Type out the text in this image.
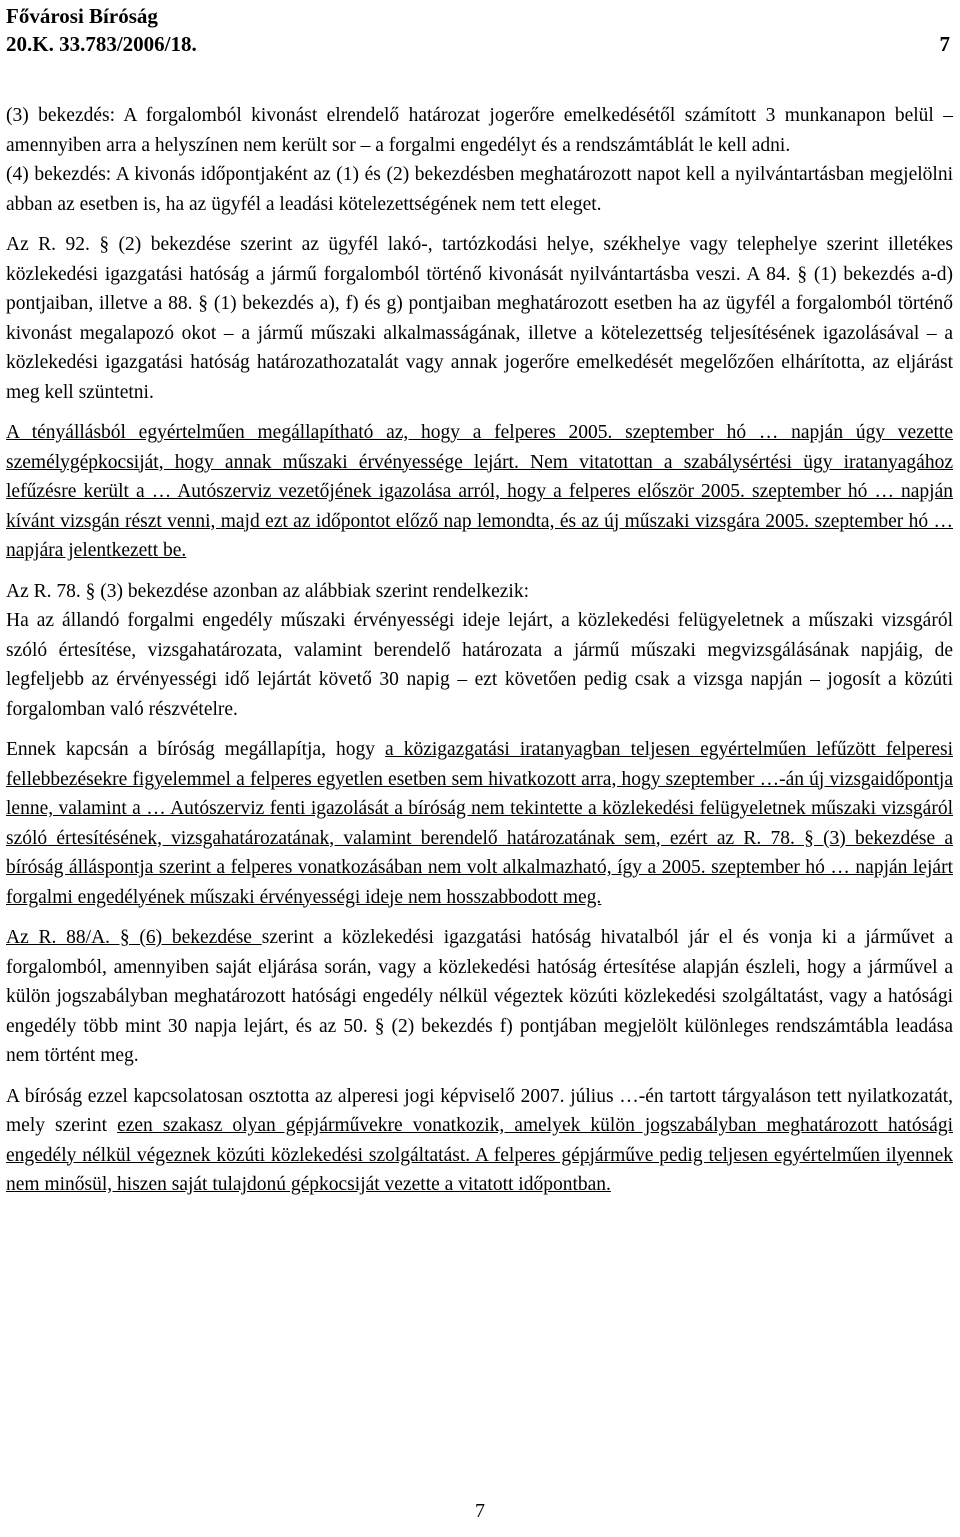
Fővárosi Bíróság
20.K. 33.783/2006/18.	7

(3) bekezdés: A forgalomból kivonást elrendelő határozat jogerőre emelkedésétől számított 3 munkanapon belül – amennyiben arra a helyszínen nem került sor – a forgalmi engedélyt és a rendszámtáblát le kell adni.

(4) bekezdés: A kivonás időpontjaként az (1) és (2) bekezdésben meghatározott napot kell a nyilvántartásban megjelölni abban az esetben is, ha az ügyfél a leadási kötelezettségének nem tett eleget.

Az R. 92. § (2) bekezdése szerint az ügyfél lakó-, tartózkodási helye, székhelye vagy telephelye szerint illetékes közlekedési igazgatási hatóság a jármű forgalomból történő kivonását nyilvántartásba veszi. A 84. § (1) bekezdés a-d) pontjaiban, illetve a 88. § (1) bekezdés a), f) és g) pontjaiban meghatározott esetben ha az ügyfél a forgalomból történő kivonást megalapozó okot – a jármű műszaki alkalmasságának, illetve a kötelezettség teljesítésének igazolásával – a közlekedési igazgatási hatóság határozathozatalát vagy annak jogerőre emelkedését megelőzően elhárította, az eljárást meg kell szüntetni.

A tényállásból egyértelműen megállapítható az, hogy a felperes 2005. szeptember hó … napján úgy vezette személygépkocsiját, hogy annak műszaki érvényessége lejárt. Nem vitatottan a szabálysértési ügy iratanyagához lefűzésre került a … Autószerviz vezetőjének igazolása arról, hogy a felperes először 2005. szeptember hó … napján kívánt vizsgán részt venni, majd ezt az időpontot előző nap lemondta, és az új műszaki vizsgára 2005. szeptember hó … napjára jelentkezett be.

Az R. 78. § (3) bekezdése azonban az alábbiak szerint rendelkezik:

Ha az állandó forgalmi engedély műszaki érvényességi ideje lejárt, a közlekedési felügyeletnek a műszaki vizsgáról szóló értesítése, vizsgahatározata, valamint berendelő határozata a jármű műszaki megvizsgálásának napjáig, de legfeljebb az érvényességi idő lejártát követő 30 napig – ezt követően pedig csak a vizsga napján – jogosít a közúti forgalomban való részvételre.

Ennek kapcsán a bíróság megállapítja, hogy a közigazgatási iratanyagban teljesen egyértelműen lefűzött felperesi fellebbezésekre figyelemmel a felperes egyetlen esetben sem hivatkozott arra, hogy szeptember …-án új vizsgaidőpontja lenne, valamint a … Autószerviz fenti igazolását a bíróság nem tekintette a közlekedési felügyeletnek műszaki vizsgáról szóló értesítésének, vizsgahatározatának, valamint berendelő határozatának sem, ezért az R. 78. § (3) bekezdése a bíróság álláspontja szerint a felperes vonatkozásában nem volt alkalmazható, így a 2005. szeptember hó … napján lejárt forgalmi engedélyének műszaki érvényességi ideje nem hosszabbodott meg.

Az R. 88/A. § (6) bekezdése szerint a közlekedési igazgatási hatóság hivatalból jár el és vonja ki a járművet a forgalomból, amennyiben saját eljárása során, vagy a közlekedési hatóság értesítése alapján észleli, hogy a járművel a külön jogszabályban meghatározott hatósági engedély nélkül végeztek közúti közlekedési szolgáltatást, vagy a hatósági engedély több mint 30 napja lejárt, és az 50. § (2) bekezdés f) pontjában megjelölt különleges rendszámtábla leadása nem történt meg.

A bíróság ezzel kapcsolatosan osztotta az alperesi jogi képviselő 2007. július …-én tartott tárgyaláson tett nyilatkozatát, mely szerint ezen szakasz olyan gépjárművekre vonatkozik, amelyek külön jogszabályban meghatározott hatósági engedély nélkül végeznek közúti közlekedési szolgáltatást. A felperes gépjárműve pedig teljesen egyértelműen ilyennek nem minősül, hiszen saját tulajdonú gépkocsiját vezette a vitatott időpontban.

7
